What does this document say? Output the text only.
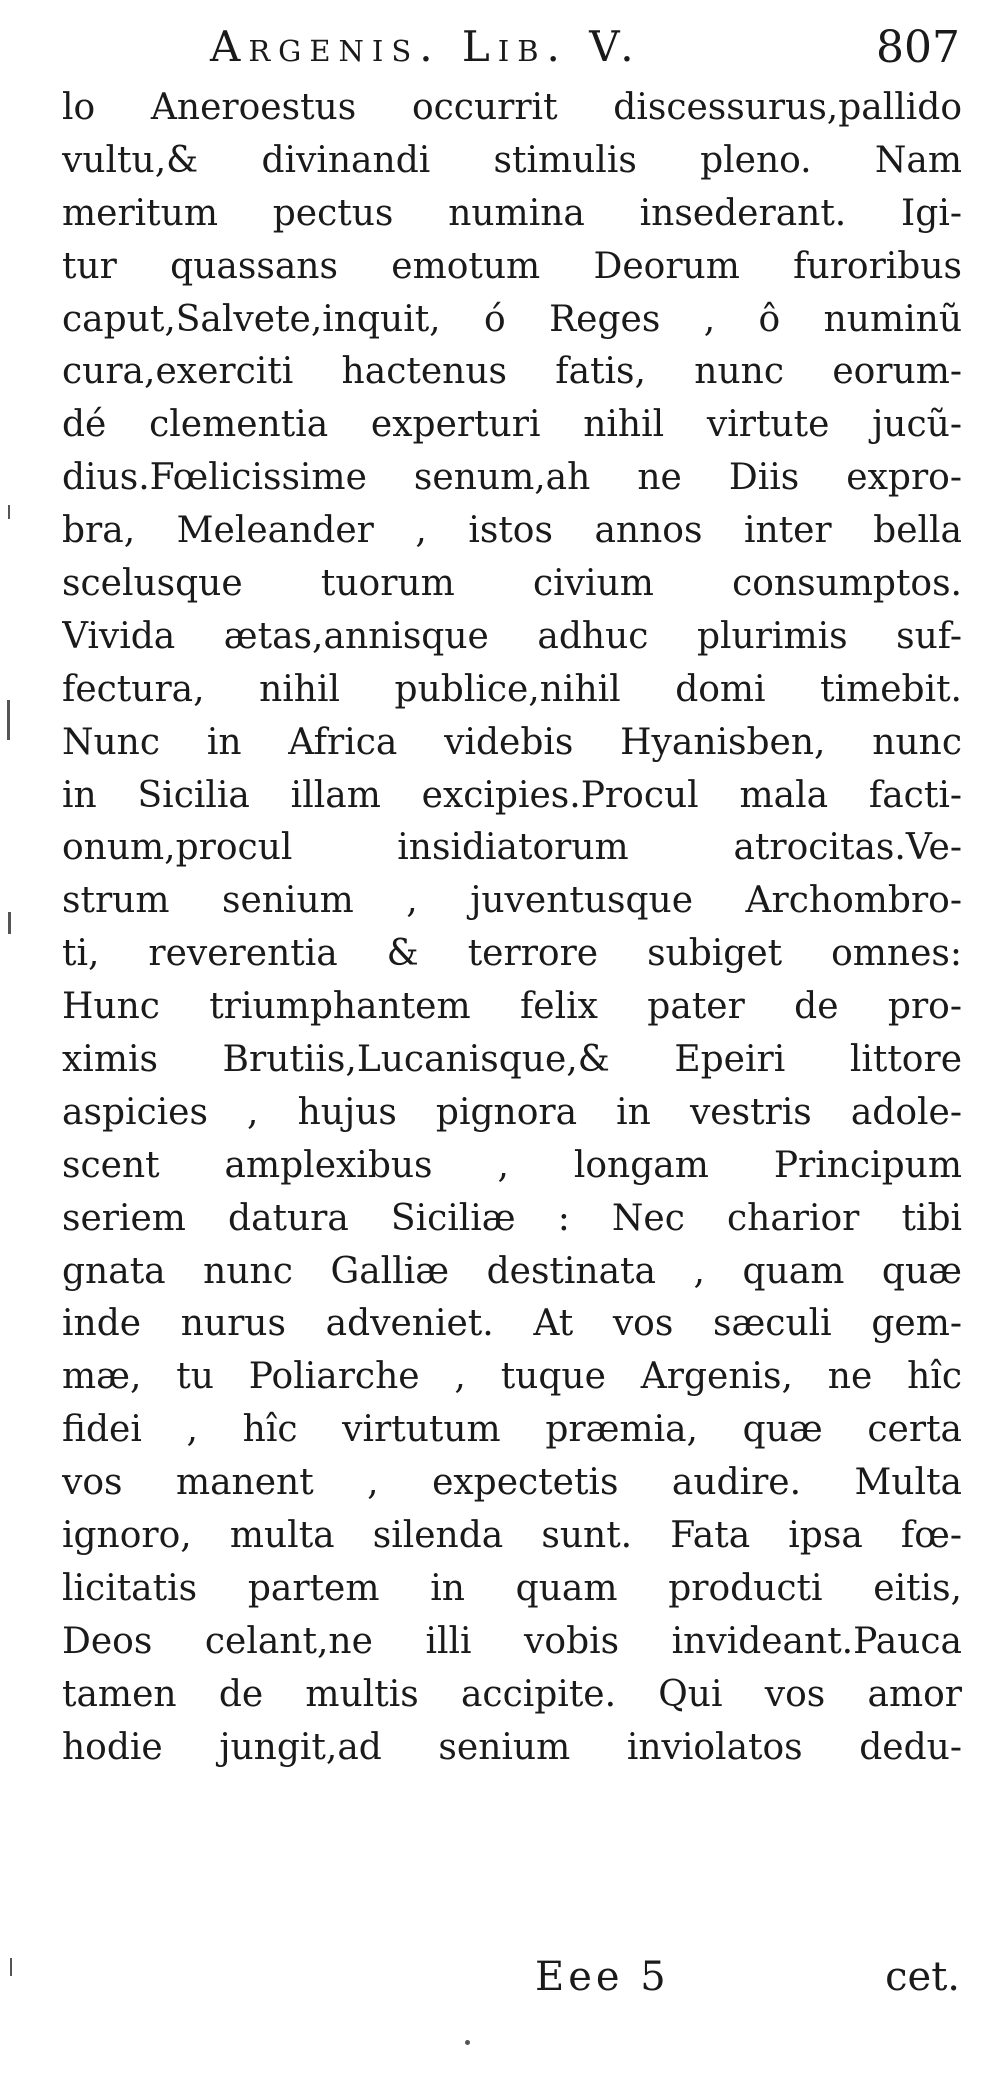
Argenis. Lib. V.	807
lo Aneroestus occurrit discessurus,pallido
vultu,& divinandi stimulis pleno. Nam
meritum pectus numina insederant. Igi-
tur quassans emotum Deorum furoribus
caput,Salvete,inquit, ó Reges , ô numinũ
cura,exerciti hactenus fatis, nunc eorum-
dé clementia experturi nihil virtute jucũ-
dius.Fœlicissime senum,ah ne Diis expro-
bra, Meleander , istos annos inter bella
scelusque tuorum civium consumptos.
Vivida ætas,annisque adhuc plurimis suf-
fectura, nihil publice,nihil domi timebit.
Nunc in Africa videbis Hyanisben, nunc
in Sicilia illam excipies.Procul mala facti-
onum,procul insidiatorum atrocitas.Ve-
strum senium , juventusque Archombro-
ti, reverentia & terrore subiget omnes:
Hunc triumphantem felix pater de pro-
ximis Brutiis,Lucanisque,& Epeiri littore
aspicies , hujus pignora in vestris adole-
scent amplexibus , longam Principum
seriem datura Siciliæ : Nec charior tibi
gnata nunc Galliæ destinata , quam quæ
inde nurus adveniet. At vos sæculi gem-
mæ, tu Poliarche , tuque Argenis, ne hîc
fidei , hîc virtutum præmia, quæ certa
vos manent , expectetis audire. Multa
ignoro, multa silenda sunt. Fata ipsa fœ-
licitatis partem in quam producti eitis,
Deos celant,ne illi vobis invideant.Pauca
tamen de multis accipite. Qui vos amor
hodie jungit,ad senium inviolatos dedu-
Eee 5	cet.
